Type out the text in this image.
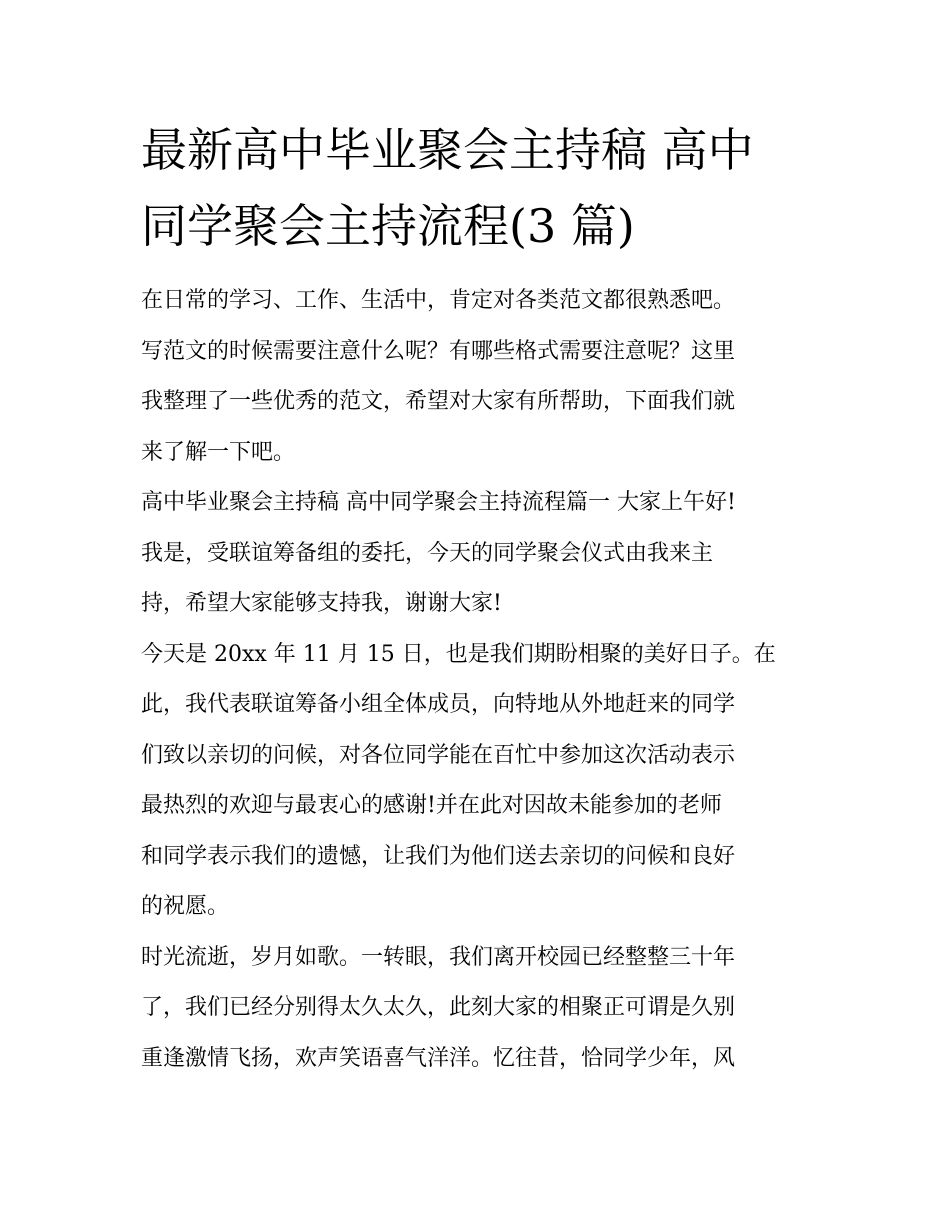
最新高中毕业聚会主持稿 高中
同学聚会主持流程(3 篇)

在日常的学习、工作、生活中，肯定对各类范文都很熟悉吧。
写范文的时候需要注意什么呢？有哪些格式需要注意呢？这里
我整理了一些优秀的范文，希望对大家有所帮助，下面我们就
来了解一下吧。

高中毕业聚会主持稿 高中同学聚会主持流程篇一 大家上午好!
我是，受联谊筹备组的委托，今天的同学聚会仪式由我来主
持，希望大家能够支持我，谢谢大家!

今天是 20xx 年 11 月 15 日，也是我们期盼相聚的美好日子。在
此，我代表联谊筹备小组全体成员，向特地从外地赶来的同学
们致以亲切的问候，对各位同学能在百忙中参加这次活动表示
最热烈的欢迎与最衷心的感谢!并在此对因故未能参加的老师
和同学表示我们的遗憾，让我们为他们送去亲切的问候和良好
的祝愿。

时光流逝，岁月如歌。一转眼，我们离开校园已经整整三十年
了，我们已经分别得太久太久，此刻大家的相聚正可谓是久别
重逢激情飞扬，欢声笑语喜气洋洋。忆往昔，恰同学少年，风
